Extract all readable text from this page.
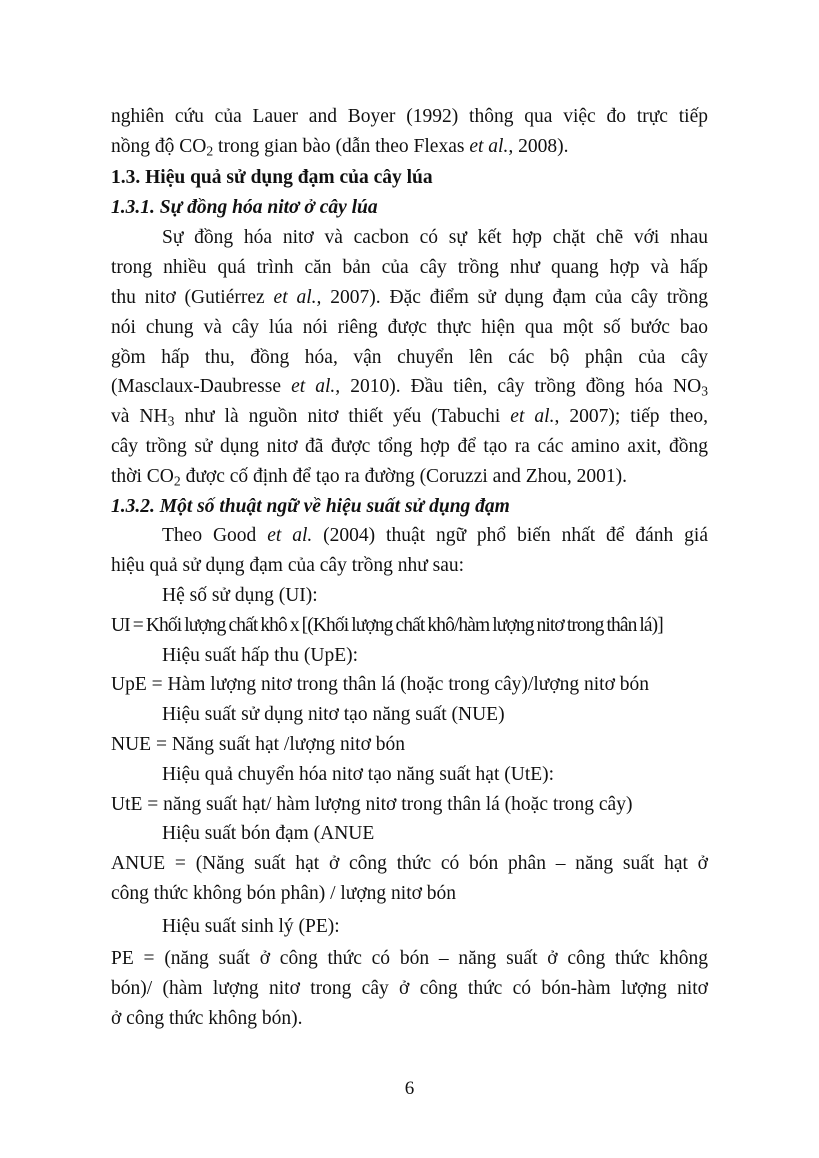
nghiên cứu của Lauer and Boyer (1992) thông qua việc đo trực tiếp
nồng độ $CO_2$ trong gian bào (dẫn theo Flexas et al., 2008).
1.3. Hiệu quả sử dụng đạm của cây lúa
1.3.1. Sự đồng hóa nitơ ở cây lúa
Sự đồng hóa nitơ và cacbon có sự kết hợp chặt chẽ với nhau
trong nhiều quá trình căn bản của cây trồng như quang hợp và hấp
thu nitơ (Gutiérrez et al., 2007). Đặc điểm sử dụng đạm của cây trồng
nói chung và cây lúa nói riêng được thực hiện qua một số bước bao
gồm hấp thu, đồng hóa, vận chuyển lên các bộ phận của cây
(Masclaux-Daubresse et al., 2010). Đầu tiên, cây trồng đồng hóa $NO_3$
và $NH_3$ như là nguồn nitơ thiết yếu (Tabuchi et al., 2007); tiếp theo,
cây trồng sử dụng nitơ đã được tổng hợp để tạo ra các amino axit, đồng
thời $CO_2$ được cố định để tạo ra đường (Coruzzi and Zhou, 2001).
1.3.2. Một số thuật ngữ về hiệu suất sử dụng đạm
Theo Good et al. (2004) thuật ngữ phổ biến nhất để đánh giá
hiệu quả sử dụng đạm của cây trồng như sau:
Hệ số sử dụng (UI):
UI = Khối lượng chất khô x [(Khối lượng chất khô/hàm lượng nitơ trong thân lá)]
Hiệu suất hấp thu (UpE):
UpE = Hàm lượng nitơ trong thân lá (hoặc trong cây)/lượng nitơ bón
Hiệu suất sử dụng nitơ tạo năng suất (NUE)
NUE = Năng suất hạt /lượng nitơ bón
Hiệu quả chuyển hóa nitơ tạo năng suất hạt (UtE):
UtE = năng suất hạt/ hàm lượng nitơ trong thân lá (hoặc trong cây)
Hiệu suất bón đạm (ANUE
ANUE = (Năng suất hạt ở công thức có bón phân – năng suất hạt ở
công thức không bón phân) / lượng nitơ bón
Hiệu suất sinh lý (PE):
PE = (năng suất ở công thức có bón – năng suất ở công thức không
bón)/ (hàm lượng nitơ trong cây ở công thức có bón-hàm lượng nitơ
ở công thức không bón).
6
